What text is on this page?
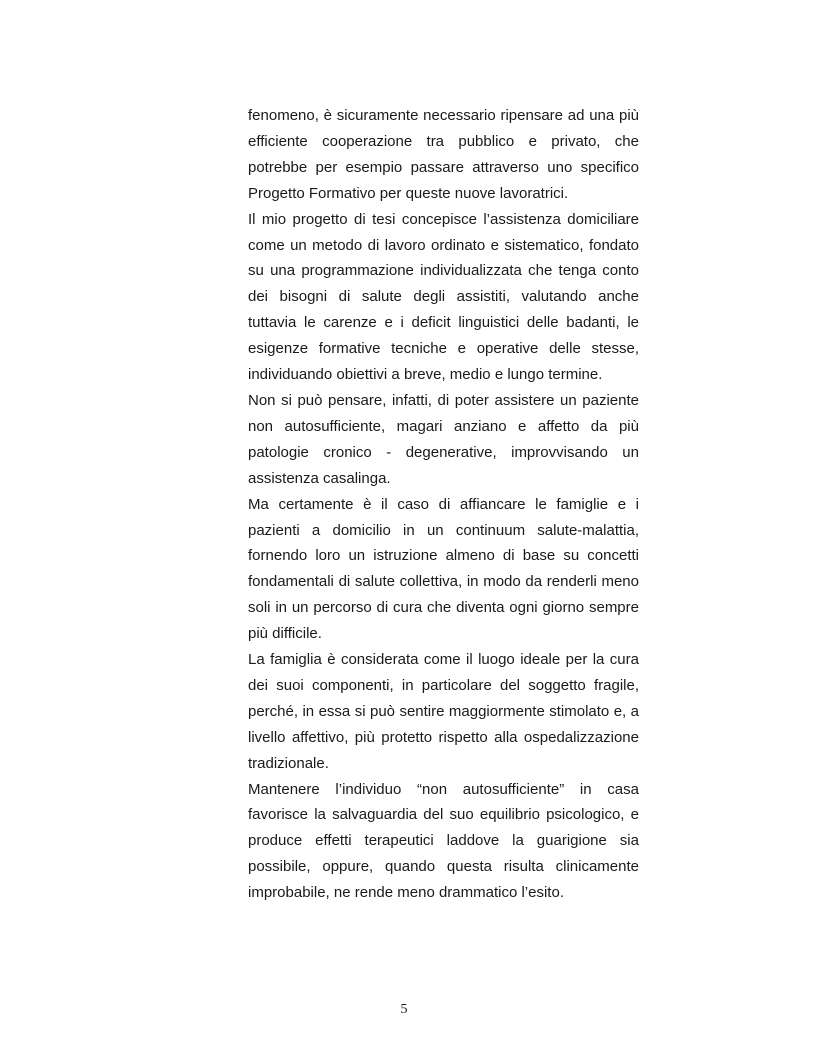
fenomeno, è sicuramente necessario ripensare ad una più efficiente cooperazione tra pubblico e privato, che potrebbe per esempio passare attraverso uno specifico Progetto Formativo per queste nuove lavoratrici.

Il mio progetto di tesi concepisce l’assistenza domiciliare come un metodo di lavoro ordinato e sistematico, fondato su una programmazione individualizzata che tenga conto dei bisogni di salute degli assistiti, valutando anche tuttavia le carenze e i deficit linguistici delle badanti, le esigenze formative tecniche e operative delle stesse, individuando obiettivi a breve, medio e lungo termine.

Non si può pensare, infatti, di poter assistere un paziente non autosufficiente, magari anziano e affetto da più patologie cronico - degenerative, improvvisando un assistenza casalinga.

Ma certamente è il caso di affiancare le famiglie e i pazienti a domicilio in un continuum salute-malattia, fornendo loro un istruzione almeno di base su concetti fondamentali di salute collettiva, in modo da renderli meno soli in un percorso di cura che diventa ogni giorno sempre più difficile.

La famiglia è considerata come il luogo ideale per la cura dei suoi componenti, in particolare del soggetto fragile, perché, in essa si può sentire maggiormente stimolato e, a livello affettivo, più protetto rispetto alla ospedalizzazione tradizionale.

Mantenere l’individuo “non autosufficiente” in casa favorisce la salvaguardia del suo equilibrio psicologico, e produce effetti terapeutici laddove la guarigione sia possibile, oppure, quando questa risulta clinicamente improbabile, ne rende meno drammatico l’esito.

5
